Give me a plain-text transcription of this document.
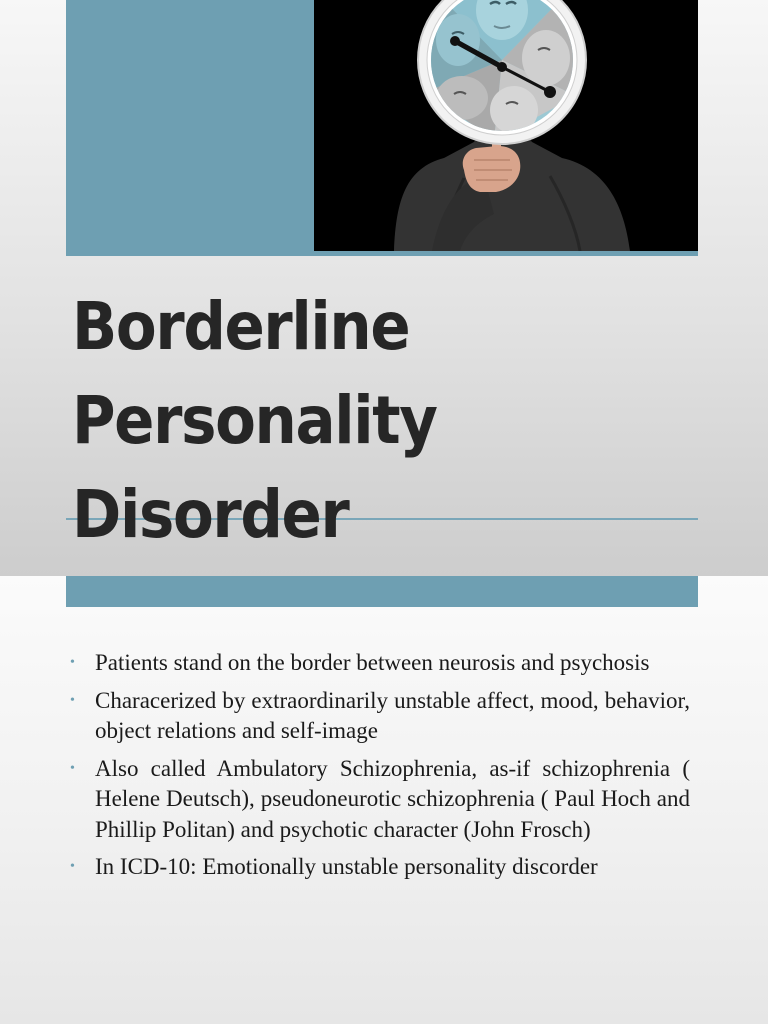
Borderline
Personality
Disorder
• Patients stand on the border between neurosis and psychosis
• Characerized by extraordinarily unstable affect, mood, behavior, object relations and self-image
• Also called Ambulatory Schizophrenia, as-if schizophrenia ( Helene Deutsch), pseudoneurotic schizophrenia ( Paul Hoch and Phillip Politan) and psychotic character (John Frosch)
• In ICD-10: Emotionally unstable personality discorder
